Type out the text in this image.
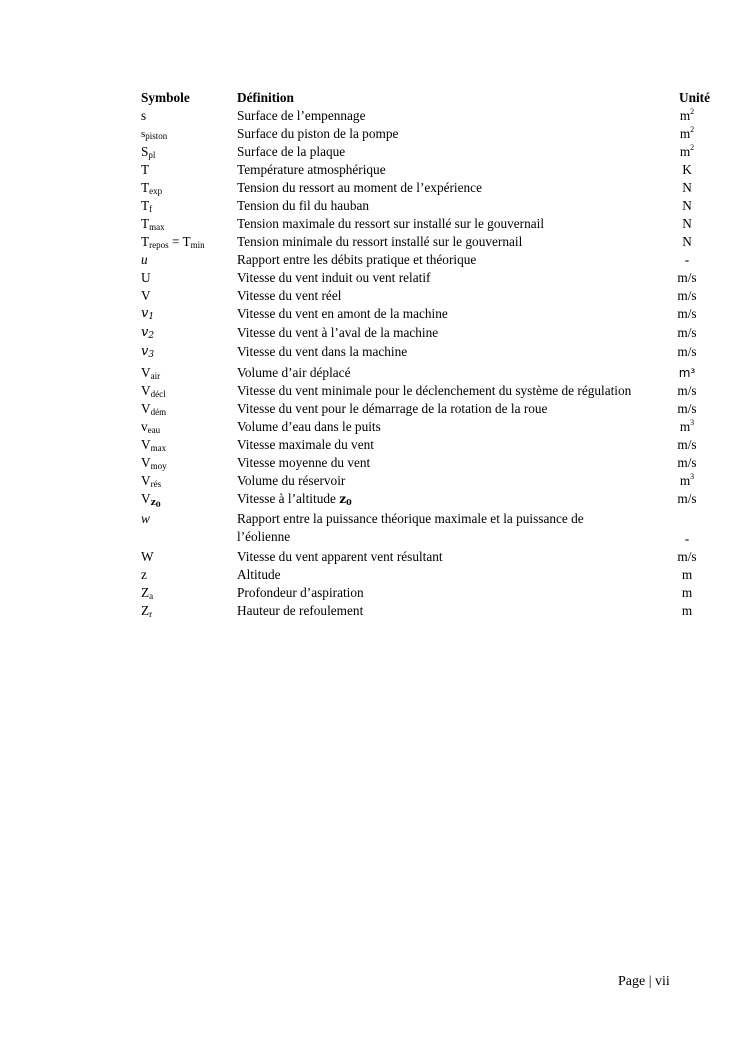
Symbole	Définition	Unité
s	Surface de l’empennage	$m^2$
$s_{piston}$	Surface du piston de la pompe	$m^2$
$S_{pl}$	Surface de la plaque	$m^2$
T	Température atmosphérique	K
$T_{exp}$	Tension du ressort au moment de l’expérience	N
$T_f$	Tension du fil du hauban	N
$T_{max}$	Tension maximale du ressort sur installé sur le gouvernail	N
$T_{repos} = T_{min}$	Tension minimale du ressort installé sur le gouvernail	N
u	Rapport entre les débits pratique et théorique	-
U	Vitesse du vent induit ou vent relatif	m/s
V	Vitesse du vent réel	m/s
$v_1$	Vitesse du vent en amont de la machine	m/s
$v_2$	Vitesse du vent à l’aval de la machine	m/s
$v_3$	Vitesse du vent dans la machine	m/s
$V_{air}$	Volume d’air déplacé	m³
$V_{décl}$	Vitesse du vent minimale pour le déclenchement du système de régulation	m/s
$V_{dém}$	Vitesse du vent pour le démarrage de la rotation de la roue	m/s
$v_{eau}$	Volume d’eau dans le puits	$m^3$
$V_{max}$	Vitesse maximale du vent	m/s
$V_{moy}$	Vitesse moyenne du vent	m/s
$V_{rés}$	Volume du réservoir	$m^3$
$V_{z_0}$	Vitesse à l’altitude $z_0$	m/s
w	Rapport entre la puissance théorique maximale et la puissance de l’éolienne	-
W	Vitesse du vent apparent vent résultant	m/s
z	Altitude	m
$Z_a$	Profondeur d’aspiration	m
$Z_r$	Hauteur de refoulement	m
Page | vii
